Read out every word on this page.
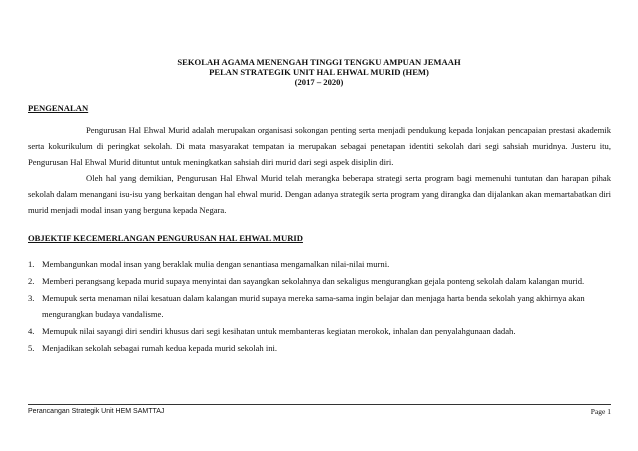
SEKOLAH AGAMA MENENGAH TINGGI TENGKU AMPUAN JEMAAH
PELAN STRATEGIK UNIT HAL EHWAL MURID (HEM)
(2017 – 2020)
PENGENALAN

Pengurusan Hal Ehwal Murid adalah merupakan organisasi sokongan penting serta menjadi pendukung kepada lonjakan pencapaian prestasi akademik serta kokurikulum di peringkat sekolah. Di mata masyarakat tempatan ia merupakan sebagai penetapan identiti sekolah dari segi sahsiah muridnya. Justeru itu, Pengurusan Hal Ehwal Murid dituntut untuk meningkatkan sahsiah diri murid dari segi aspek disiplin diri.

Oleh hal yang demikian, Pengurusan Hal Ehwal Murid telah merangka beberapa strategi serta program bagi memenuhi tuntutan dan harapan pihak sekolah dalam menangani isu-isu yang berkaitan dengan hal ehwal murid. Dengan adanya strategik serta program yang dirangka dan dijalankan akan memartabatkan diri murid menjadi modal insan yang berguna kepada Negara.

OBJEKTIF KECEMERLANGAN PENGURUSAN HAL EHWAL MURID
1. Membangunkan modal insan yang beraklak mulia dengan senantiasa mengamalkan nilai-nilai murni.
2. Memberi perangsang kepada murid supaya menyintai dan sayangkan sekolahnya dan sekaligus mengurangkan gejala ponteng sekolah dalam kalangan murid.
3. Memupuk serta menaman nilai kesatuan dalam kalangan murid supaya mereka sama-sama ingin belajar dan menjaga harta benda sekolah yang akhirnya akan mengurangkan budaya vandalisme.
4. Memupuk nilai sayangi diri sendiri khusus dari segi kesihatan untuk membanteras kegiatan merokok, inhalan dan penyalahgunaan dadah.
5. Menjadikan sekolah sebagai rumah kedua kepada murid sekolah ini.
Perancangan Strategik Unit HEM SAMTTAJ	Page 1
